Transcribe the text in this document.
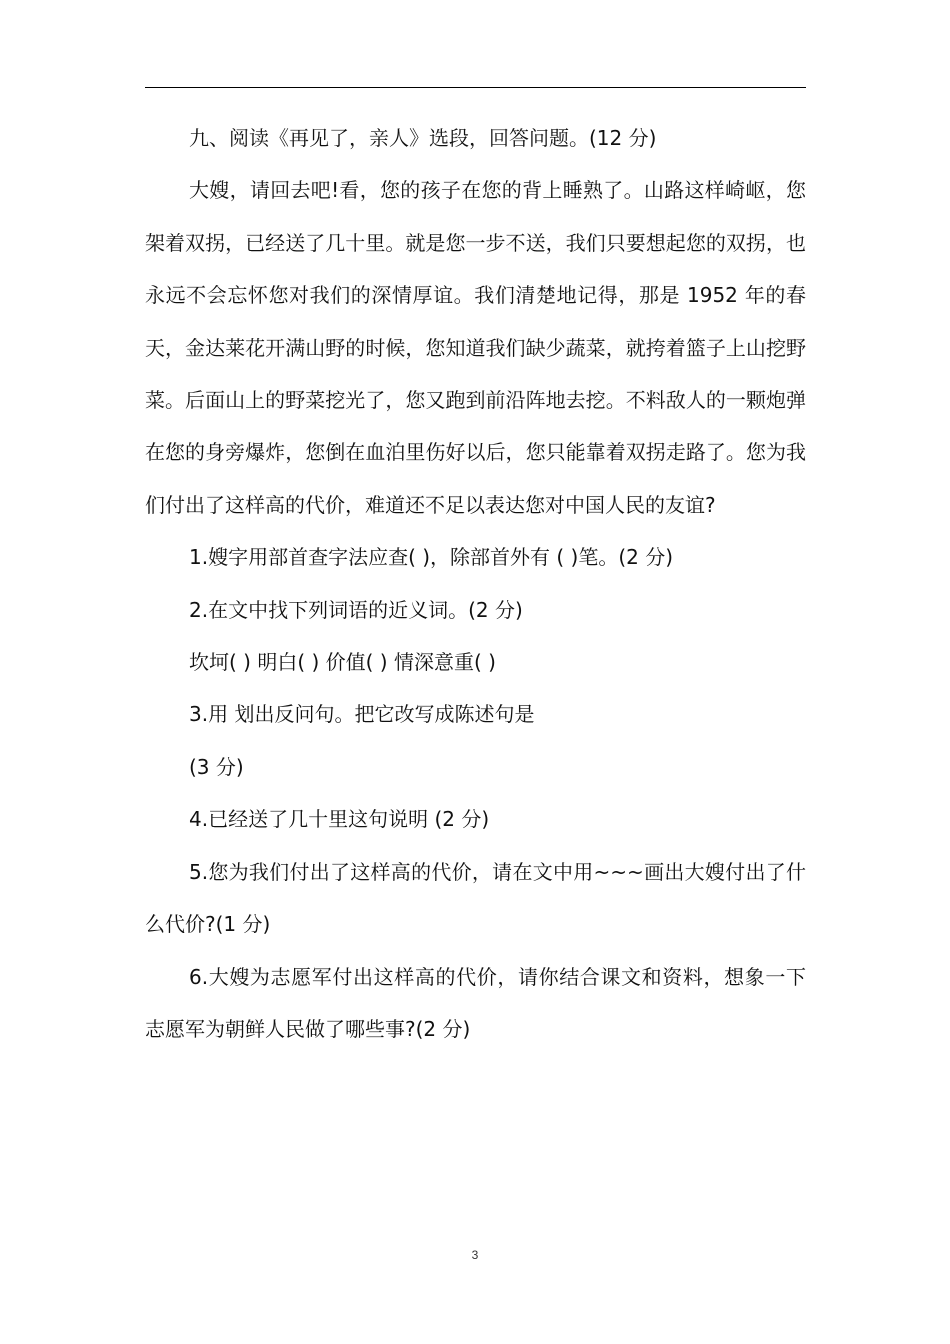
九、阅读《再见了，亲人》选段，回答问题。(12 分)

大嫂，请回去吧!看，您的孩子在您的背上睡熟了。山路这样崎岖，您架着双拐，已经送了几十里。就是您一步不送，我们只要想起您的双拐，也永远不会忘怀您对我们的深情厚谊。我们清楚地记得，那是 1952 年的春天，金达莱花开满山野的时候，您知道我们缺少蔬菜，就挎着篮子上山挖野菜。后面山上的野菜挖光了，您又跑到前沿阵地去挖。不料敌人的一颗炮弹在您的身旁爆炸，您倒在血泊里伤好以后，您只能靠着双拐走路了。您为我们付出了这样高的代价，难道还不足以表达您对中国人民的友谊?

1.嫂字用部首查字法应查( )，除部首外有 ( )笔。(2 分)

2.在文中找下列词语的近义词。(2 分)

坎坷( ) 明白( ) 价值( ) 情深意重( )

3.用 划出反问句。把它改写成陈述句是

(3 分)

4.已经送了几十里这句说明 (2 分)

5.您为我们付出了这样高的代价，请在文中用~~~画出大嫂付出了什么代价?(1 分)

6.大嫂为志愿军付出这样高的代价，请你结合课文和资料，想象一下志愿军为朝鲜人民做了哪些事?(2 分)

3
